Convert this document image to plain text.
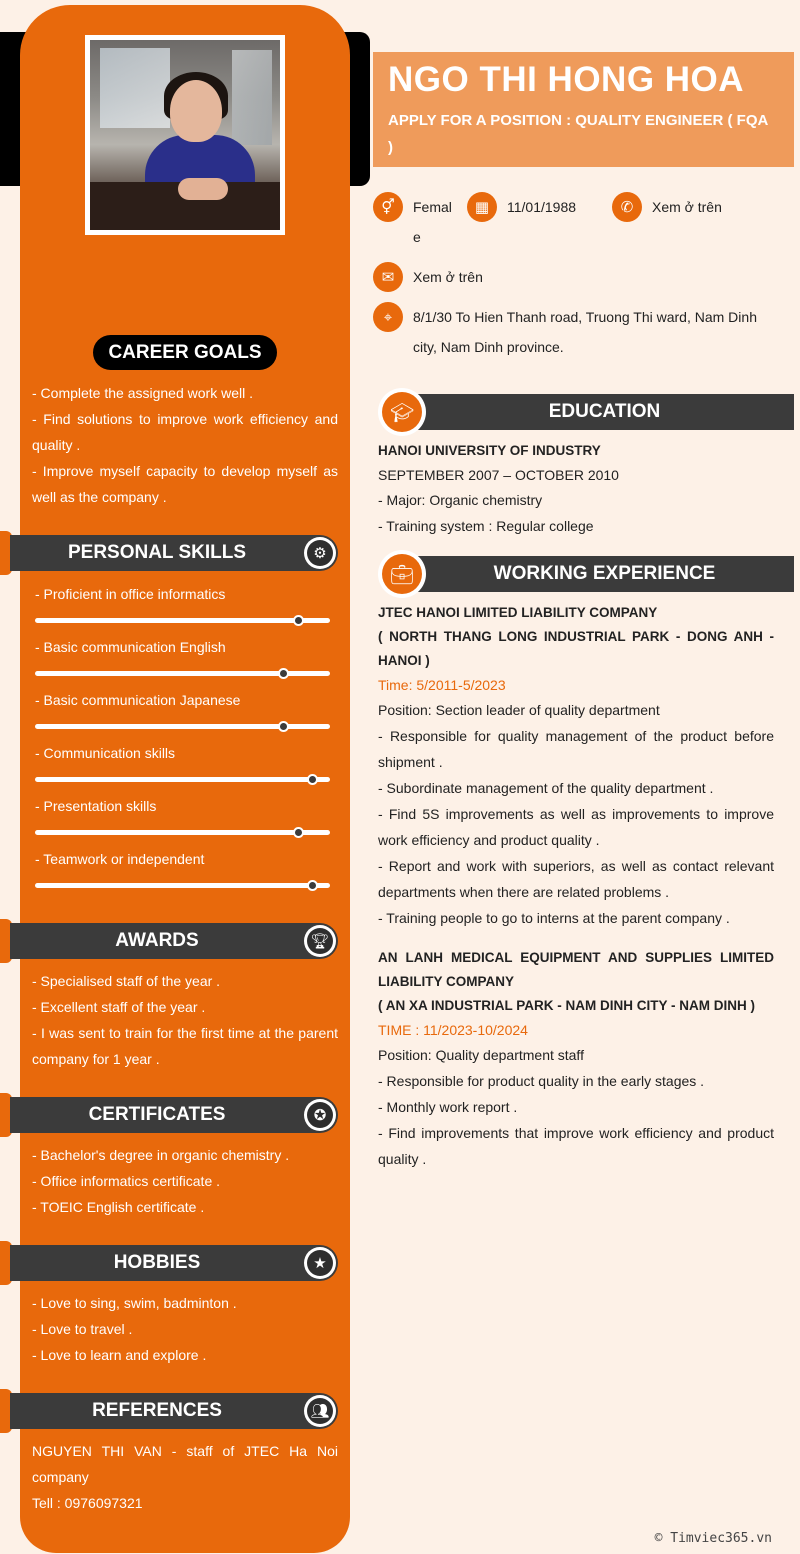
CAREER GOALS
- Complete the assigned work well .
- Find solutions to improve work efficiency and quality .
- Improve myself capacity to develop myself as well as the company .
PERSONAL SKILLS	⚙
- Proficient in office informatics
- Basic communication English
- Basic communication Japanese
- Communication skills
- Presentation skills
- Teamwork or independent
AWARDS	🏆︎
- Specialised staff of the year .
- Excellent staff of the year .
- I was sent to train for the first time at the parent company for 1 year .
CERTIFICATES	✪
- Bachelor's degree in organic chemistry .
- Office informatics certificate .
- TOEIC English certificate .
HOBBIES	★
- Love to sing, swim, badminton .
- Love to travel .
- Love to learn and explore .
REFERENCES	👥︎
NGUYEN THI VAN - staff of JTEC Ha Noi company
Tell : 0976097321
NGO THI HONG HOA
APPLY FOR A POSITION : QUALITY ENGINEER ( FQA )
⚥	Female
▦	11/01/1988	✆	Xem ở trên
✉	Xem ở trên
⌖	8/1/30 To Hien Thanh road, Truong Thi ward, Nam Dinh city, Nam Dinh province.
EDUCATION
🎓︎
HANOI UNIVERSITY OF INDUSTRY
SEPTEMBER 2007 – OCTOBER 2010
- Major: Organic chemistry
- Training system : Regular college
WORKING EXPERIENCE
💼︎
JTEC HANOI LIMITED LIABILITY COMPANY
( NORTH THANG LONG INDUSTRIAL PARK - DONG ANH - HANOI )
Time: 5/2011-5/2023
Position: Section leader of quality department
- Responsible for quality management of the product before shipment .
- Subordinate management of the quality department .
- Find 5S improvements as well as improvements to improve work efficiency and product quality .
- Report and work with superiors, as well as contact relevant departments when there are related problems .
- Training people to go to interns at the parent company .
AN LANH MEDICAL EQUIPMENT AND SUPPLIES LIMITED LIABILITY COMPANY
( AN XA INDUSTRIAL PARK - NAM DINH CITY - NAM DINH )
TIME : 11/2023-10/2024
Position: Quality department staff
- Responsible for product quality in the early stages .
- Monthly work report .
- Find improvements that improve work efficiency and product quality .
© Timviec365.vn
